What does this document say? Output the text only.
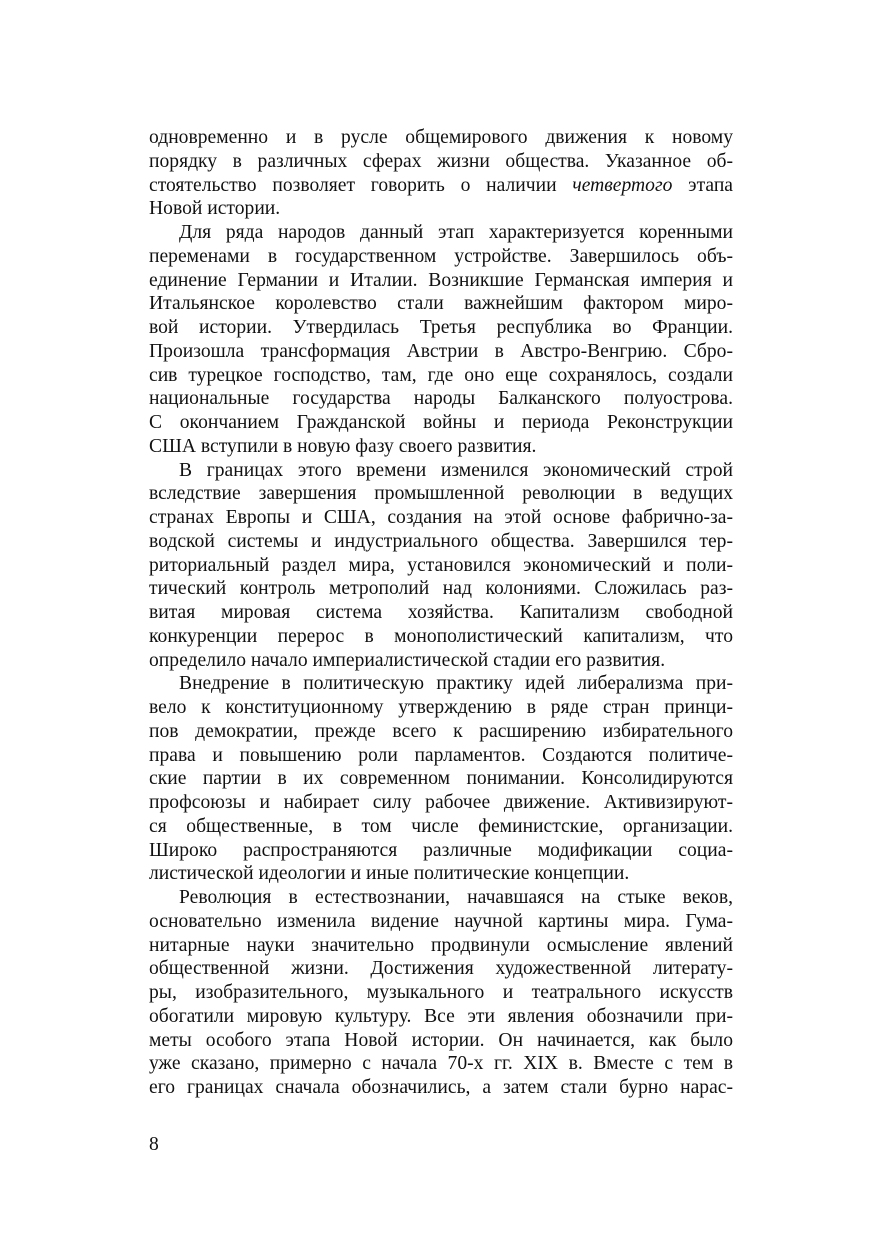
одновременно и в русле общемирового движения к новому
порядку в различных сферах жизни общества. Указанное об-
стоятельство позволяет говорить о наличии четвертого этапа
Новой истории.
Для ряда народов данный этап характеризуется коренными
переменами в государственном устройстве. Завершилось объ-
единение Германии и Италии. Возникшие Германская империя и
Итальянское королевство стали важнейшим фактором миро-
вой истории. Утвердилась Третья республика во Франции.
Произошла трансформация Австрии в Австро-Венгрию. Сбро-
сив турецкое господство, там, где оно еще сохранялось, создали
национальные государства народы Балканского полуострова.
С окончанием Гражданской войны и периода Реконструкции
США вступили в новую фазу своего развития.
В границах этого времени изменился экономический строй
вследствие завершения промышленной революции в ведущих
странах Европы и США, создания на этой основе фабрично-за-
водской системы и индустриального общества. Завершился тер-
риториальный раздел мира, установился экономический и поли-
тический контроль метрополий над колониями. Сложилась раз-
витая мировая система хозяйства. Капитализм свободной
конкуренции перерос в монополистический капитализм, что
определило начало империалистической стадии его развития.
Внедрение в политическую практику идей либерализма при-
вело к конституционному утверждению в ряде стран принци-
пов демократии, прежде всего к расширению избирательного
права и повышению роли парламентов. Создаются политиче-
ские партии в их современном понимании. Консолидируются
профсоюзы и набирает силу рабочее движение. Активизируют-
ся общественные, в том числе феминистские, организации.
Широко распространяются различные модификации социа-
листической идеологии и иные политические концепции.
Революция в естествознании, начавшаяся на стыке веков,
основательно изменила видение научной картины мира. Гума-
нитарные науки значительно продвинули осмысление явлений
общественной жизни. Достижения художественной литерату-
ры, изобразительного, музыкального и театрального искусств
обогатили мировую культуру. Все эти явления обозначили при-
меты особого этапа Новой истории. Он начинается, как было
уже сказано, примерно с начала 70-х гг. XIX в. Вместе с тем в
его границах сначала обозначились, а затем стали бурно нарас-
8
